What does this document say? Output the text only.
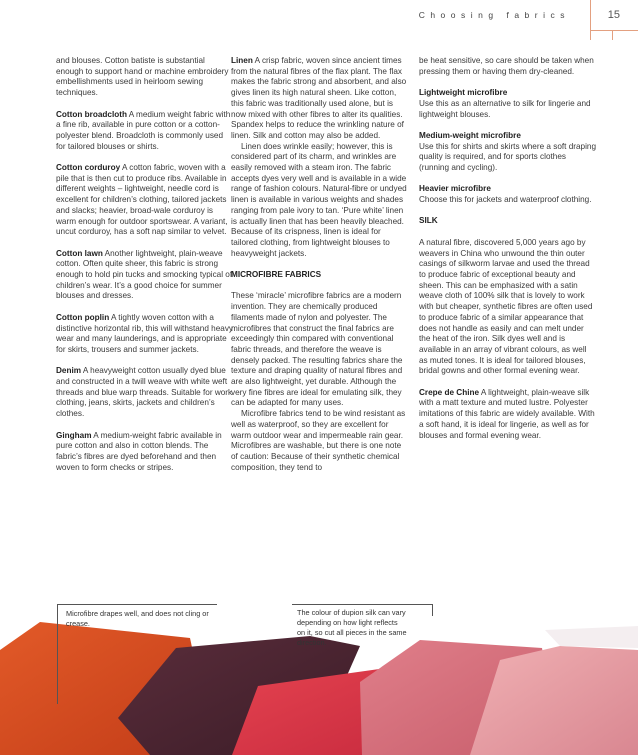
Choosing fabrics	15

and blouses. Cotton batiste is substantial enough to support hand or machine embroidery embellishments used in heirloom sewing techniques.

Cotton broadcloth A medium weight fabric with a fine rib, available in pure cotton or a cotton-polyester blend. Broadcloth is commonly used for tailored blouses or shirts.

Cotton corduroy A cotton fabric, woven with a pile that is then cut to produce ribs. Available in different weights – lightweight, needle cord is excellent for children’s clothing, tailored jackets and slacks; heavier, broad-wale corduroy is warm enough for outdoor sportswear. A variant, uncut corduroy, has a soft nap similar to velvet.

Cotton lawn Another lightweight, plain-weave cotton. Often quite sheer, this fabric is strong enough to hold pin tucks and smocking typical of children’s wear. It’s a good choice for summer blouses and dresses.

Cotton poplin A tightly woven cotton with a distinctive horizontal rib, this will withstand heavy wear and many launderings, and is appropriate for skirts, trousers and summer jackets.

Denim A heavyweight cotton usually dyed blue and constructed in a twill weave with white weft threads and blue warp threads. Suitable for work clothing, jeans, skirts, jackets and children’s clothes.

Gingham A medium-weight fabric available in pure cotton and also in cotton blends. The fabric’s fibres are dyed beforehand and then woven to form checks or stripes.

Linen A crisp fabric, woven since ancient times from the natural fibres of the flax plant. The flax makes the fabric strong and absorbent, and also gives linen its high natural sheen. Like cotton, this fabric was traditionally used alone, but is now mixed with other fibres to alter its qualities. Spandex helps to reduce the wrinkling nature of linen. Silk and cotton may also be added.

Linen does wrinkle easily; however, this is considered part of its charm, and wrinkles are easily removed with a steam iron. The fabric accepts dyes very well and is available in a wide range of fashion colours. Natural-fibre or undyed linen is available in various weights and shades ranging from pale ivory to tan. ‘Pure white’ linen is actually linen that has been heavily bleached. Because of its crispness, linen is ideal for tailored clothing, from lightweight blouses to heavyweight jackets.

MICROFIBRE FABRICS

These ‘miracle’ microfibre fabrics are a modern invention. They are chemically produced filaments made of nylon and polyester. The microfibres that construct the final fabrics are exceedingly thin compared with conventional fabric threads, and therefore the weave is densely packed. The resulting fabrics share the texture and draping quality of natural fibres and are also lightweight, yet durable. Although the very fine fibres are ideal for emulating silk, they can be adapted for many uses.

Microfibre fabrics tend to be wind resistant as well as waterproof, so they are excellent for warm outdoor wear and impermeable rain gear. Microfibres are washable, but there is one note of caution: Because of their synthetic chemical composition, they tend to

be heat sensitive, so care should be taken when pressing them or having them dry-cleaned.

Lightweight microfibre
Use this as an alternative to silk for lingerie and lightweight blouses.
Medium-weight microfibre
Use this for shirts and skirts where a soft draping quality is required, and for sports clothes (running and cycling).
Heavier microfibre
Choose this for jackets and waterproof clothing.

SILK

A natural fibre, discovered 5,000 years ago by weavers in China who unwound the thin outer casings of silkworm larvae and used the thread to produce fabric of exceptional beauty and sheen. This can be emphasized with a satin weave cloth of 100% silk that is lovely to work with but cheaper, synthetic fibres are often used to produce fabric of a similar appearance that does not handle as easily and can melt under the heat of the iron. Silk dyes well and is available in an array of vibrant colours, as well as muted tones. It is ideal for tailored blouses, bridal gowns and other formal evening wear.

Crepe de Chine A lightweight, plain-weave silk with a matt texture and muted lustre. Polyester imitations of this fabric are widely available. With a soft hand, it is ideal for lingerie, as well as for blouses and formal evening wear.

Microfibre drapes well, and does not cling or crease.
The colour of dupion silk can vary depending on how light reflects on it, so cut all pieces in the same direction.
